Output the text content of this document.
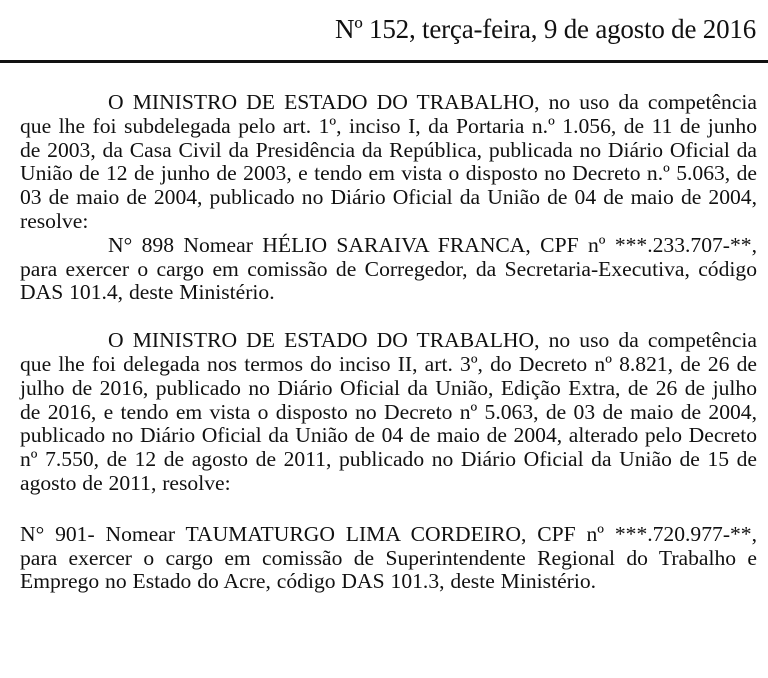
Nº 152, terça-feira, 9 de agosto de 2016

O MINISTRO DE ESTADO DO TRABALHO, no uso da competência que lhe foi subdelegada pelo art. 1º, inciso I, da Portaria n.º 1.056, de 11 de junho de 2003, da Casa Civil da Presidência da República, publicada no Diário Oficial da União de 12 de junho de 2003, e tendo em vista o disposto no Decreto n.º 5.063, de 03 de maio de 2004, publicado no Diário Oficial da União de 04 de maio de 2004, resolve:

N° 898 Nomear HÉLIO SARAIVA FRANCA, CPF nº ***.233.707-**, para exercer o cargo em comissão de Corregedor, da Secretaria-Executiva, código DAS 101.4, deste Ministério.

O MINISTRO DE ESTADO DO TRABALHO, no uso da competência que lhe foi delegada nos termos do inciso II, art. 3º, do Decreto nº 8.821, de 26 de julho de 2016, publicado no Diário Oficial da União, Edição Extra, de 26 de julho de 2016, e tendo em vista o disposto no Decreto nº 5.063, de 03 de maio de 2004, publicado no Diário Oficial da União de 04 de maio de 2004, alterado pelo Decreto nº 7.550, de 12 de agosto de 2011, publicado no Diário Oficial da União de 15 de agosto de 2011, resolve:

N° 901- Nomear TAUMATURGO LIMA CORDEIRO, CPF nº ***.720.977-**, para exercer o cargo em comissão de Superintendente Regional do Trabalho e Emprego no Estado do Acre, código DAS 101.3, deste Ministério.
